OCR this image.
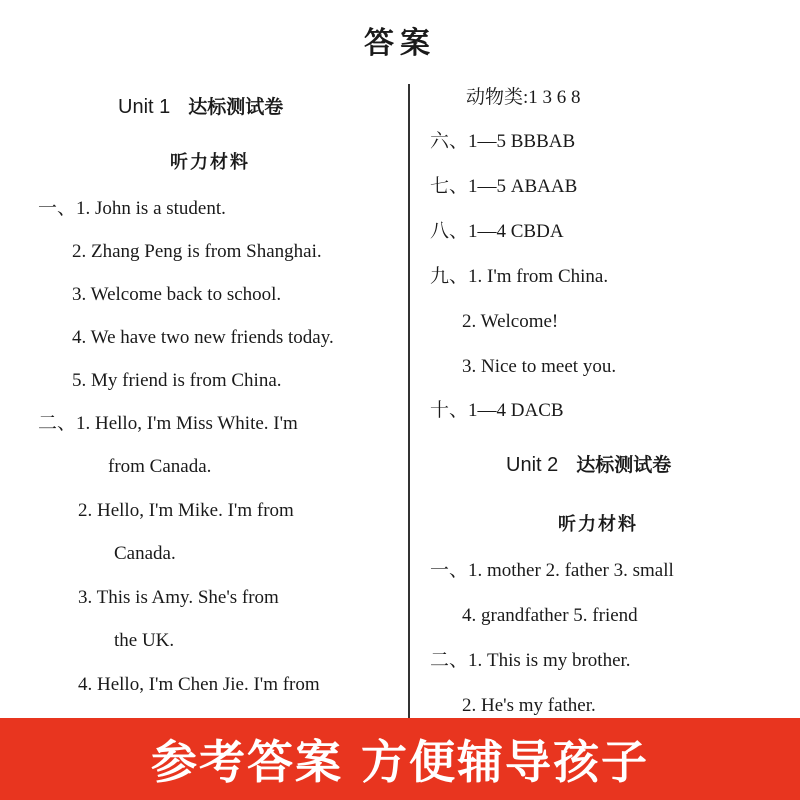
答案
Unit 1 达标测试卷
听力材料
一、1. John is a student.
2. Zhang Peng is from Shanghai.
3. Welcome back to school.
4. We have two new friends today.
5. My friend is from China.
二、1. Hello, I'm Miss White. I'm
from Canada.
2. Hello, I'm Mike. I'm from
Canada.
3. This is Amy. She's from
the UK.
4. Hello, I'm Chen Jie. I'm from
动物类:1 3 6 8
六、1—5 BBBAB
七、1—5 ABAAB
八、1—4 CBDA
九、1. I'm from China.
2. Welcome!
3. Nice to meet you.
十、1—4 DACB
Unit 2 达标测试卷
听力材料
一、1. mother 2. father 3. small
4. grandfather 5. friend
二、1. This is my brother.
2. He's my father.
参考答案 方便辅导孩子
